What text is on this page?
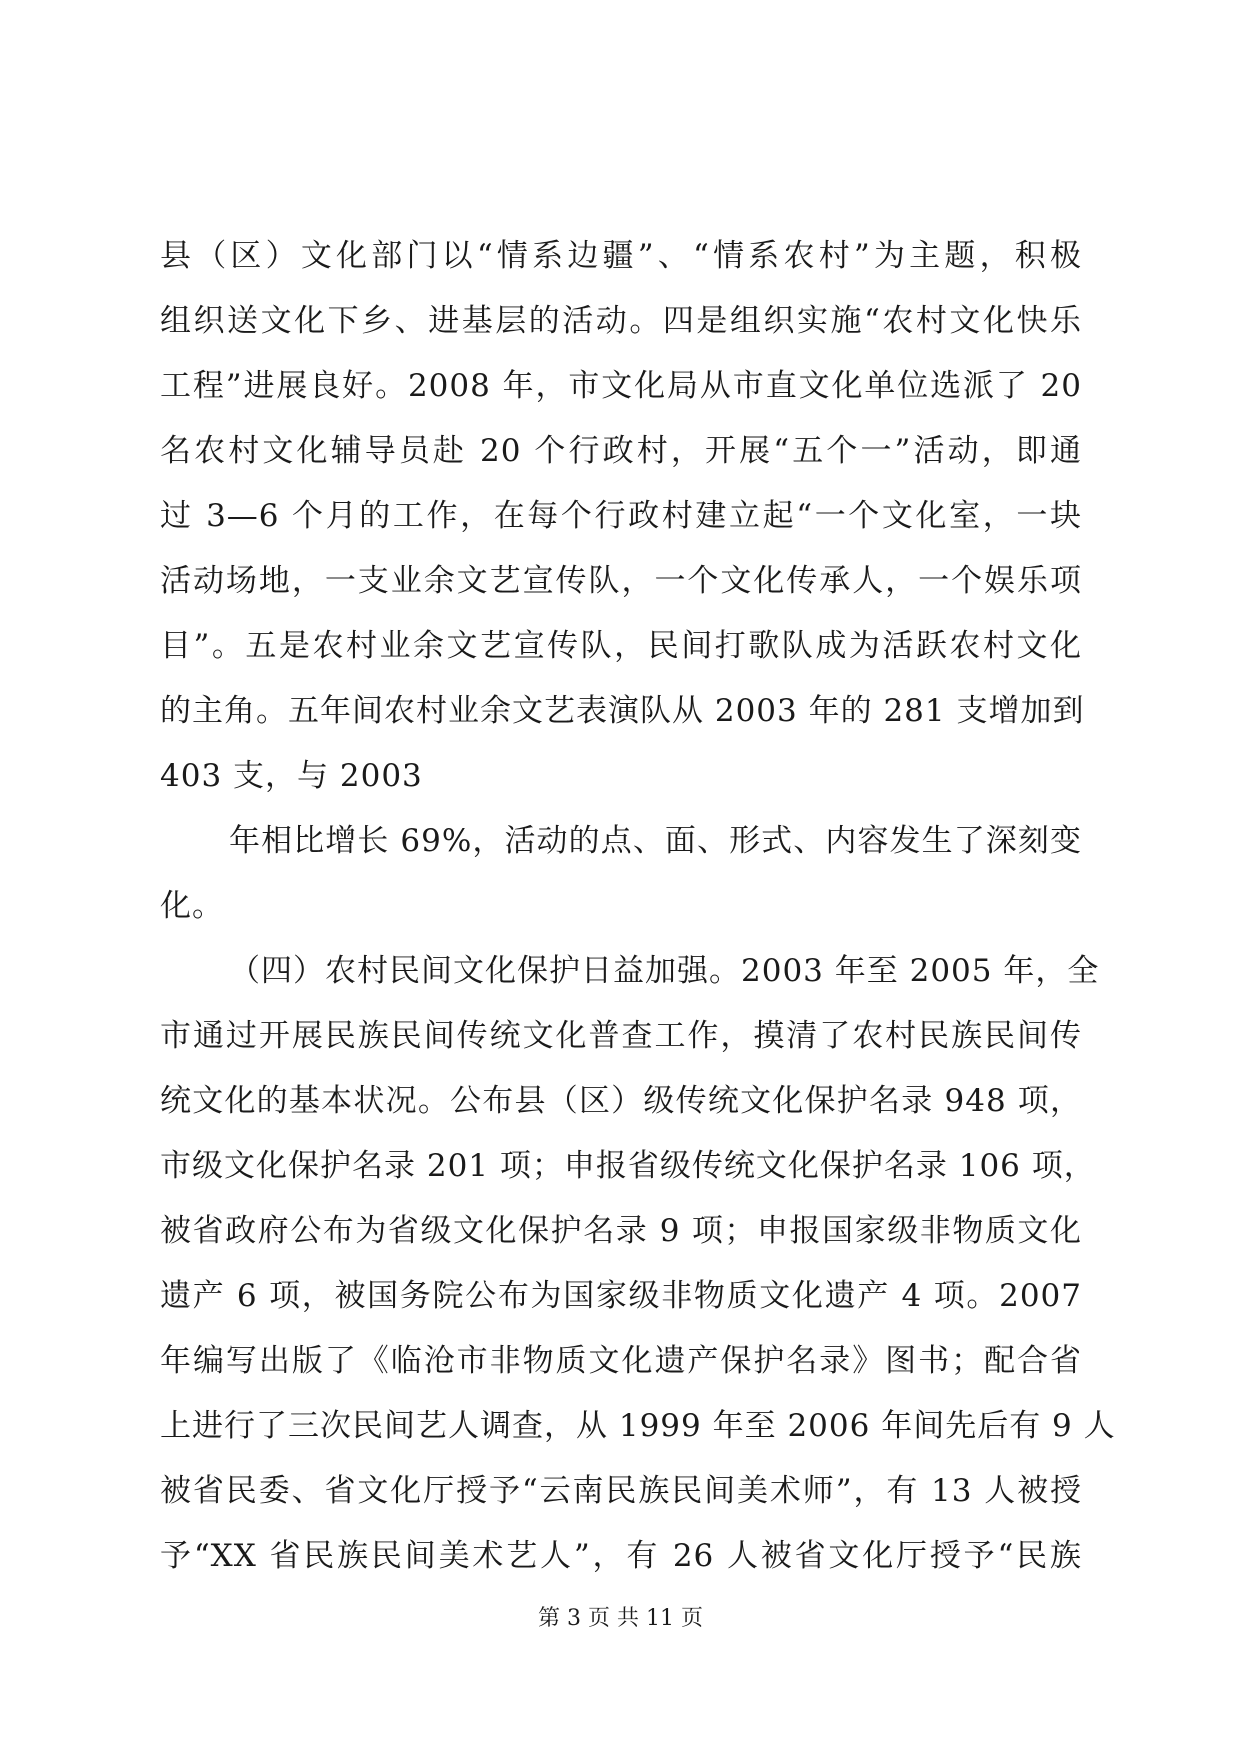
县（区）文化部门以“情系边疆”、“情系农村”为主题，积极
组织送文化下乡、进基层的活动。四是组织实施“农村文化快乐
工程”进展良好。2008 年，市文化局从市直文化单位选派了 20
名农村文化辅导员赴 20 个行政村，开展“五个一”活动，即通
过 3—6 个月的工作，在每个行政村建立起“一个文化室，一块
活动场地，一支业余文艺宣传队，一个文化传承人，一个娱乐项
目”。五是农村业余文艺宣传队，民间打歌队成为活跃农村文化
的主角。五年间农村业余文艺表演队从 2003 年的 281 支增加到
403 支，与 2003
年相比增长 69%，活动的点、面、形式、内容发生了深刻变
化。
（四）农村民间文化保护日益加强。2003 年至 2005 年，全
市通过开展民族民间传统文化普查工作，摸清了农村民族民间传
统文化的基本状况。公布县（区）级传统文化保护名录 948 项，
市级文化保护名录 201 项；申报省级传统文化保护名录 106 项，
被省政府公布为省级文化保护名录 9 项；申报国家级非物质文化
遗产 6 项，被国务院公布为国家级非物质文化遗产 4 项。2007
年编写出版了《临沧市非物质文化遗产保护名录》图书；配合省
上进行了三次民间艺人调查，从 1999 年至 2006 年间先后有 9 人
被省民委、省文化厅授予“云南民族民间美术师”，有 13 人被授
予“XX 省民族民间美术艺人”，有 26 人被省文化厅授予“民族
第 3 页 共 11 页
